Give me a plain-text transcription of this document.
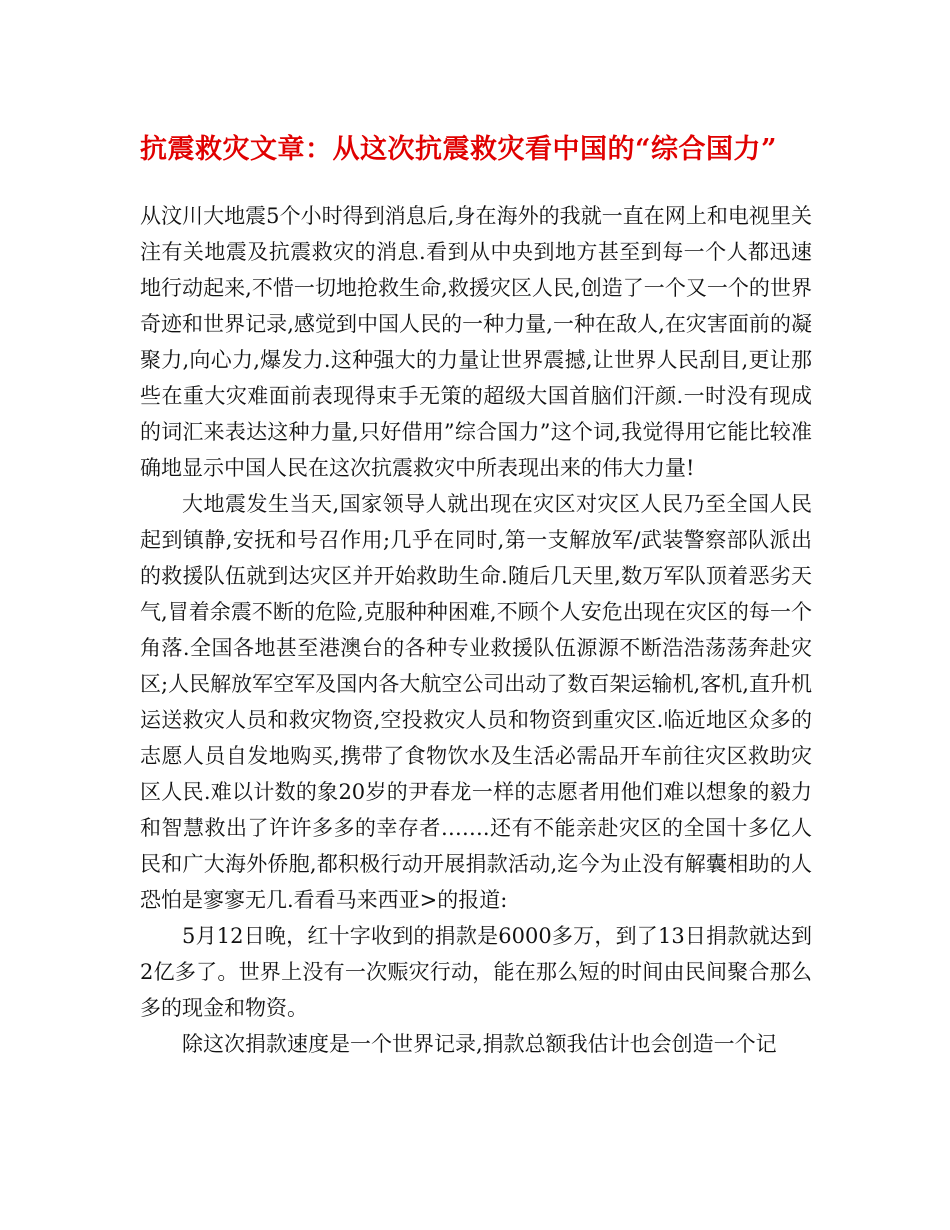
抗震救灾文章：从这次抗震救灾看中国的“综合国力”

从汶川大地震5个小时得到消息后,身在海外的我就一直在网上和电视里关注有关地震及抗震救灾的消息.看到从中央到地方甚至到每一个人都迅速地行动起来,不惜一切地抢救生命,救援灾区人民,创造了一个又一个的世界奇迹和世界记录,感觉到中国人民的一种力量,一种在敌人,在灾害面前的凝聚力,向心力,爆发力.这种强大的力量让世界震撼,让世界人民刮目,更让那些在重大灾难面前表现得束手无策的超级大国首脑们汗颜.一时没有现成的词汇来表达这种力量,只好借用”综合国力”这个词,我觉得用它能比较准确地显示中国人民在这次抗震救灾中所表现出来的伟大力量!

大地震发生当天,国家领导人就出现在灾区对灾区人民乃至全国人民起到镇静,安抚和号召作用;几乎在同时,第一支解放军/武装警察部队派出的救援队伍就到达灾区并开始救助生命.随后几天里,数万军队顶着恶劣天气,冒着余震不断的危险,克服种种困难,不顾个人安危出现在灾区的每一个角落.全国各地甚至港澳台的各种专业救援队伍源源不断浩浩荡荡奔赴灾区;人民解放军空军及国内各大航空公司出动了数百架运输机,客机,直升机运送救灾人员和救灾物资,空投救灾人员和物资到重灾区.临近地区众多的志愿人员自发地购买,携带了食物饮水及生活必需品开车前往灾区救助灾区人民.难以计数的象20岁的尹春龙一样的志愿者用他们难以想象的毅力和智慧救出了许许多多的幸存者…….还有不能亲赴灾区的全国十多亿人民和广大海外侨胞,都积极行动开展捐款活动,迄今为止没有解囊相助的人恐怕是寥寥无几.看看马来西亚>的报道:

5月12日晚，红十字收到的捐款是6000多万，到了13日捐款就达到2亿多了。世界上没有一次赈灾行动，能在那么短的时间由民间聚合那么多的现金和物资。

除这次捐款速度是一个世界记录,捐款总额我估计也会创造一个记
